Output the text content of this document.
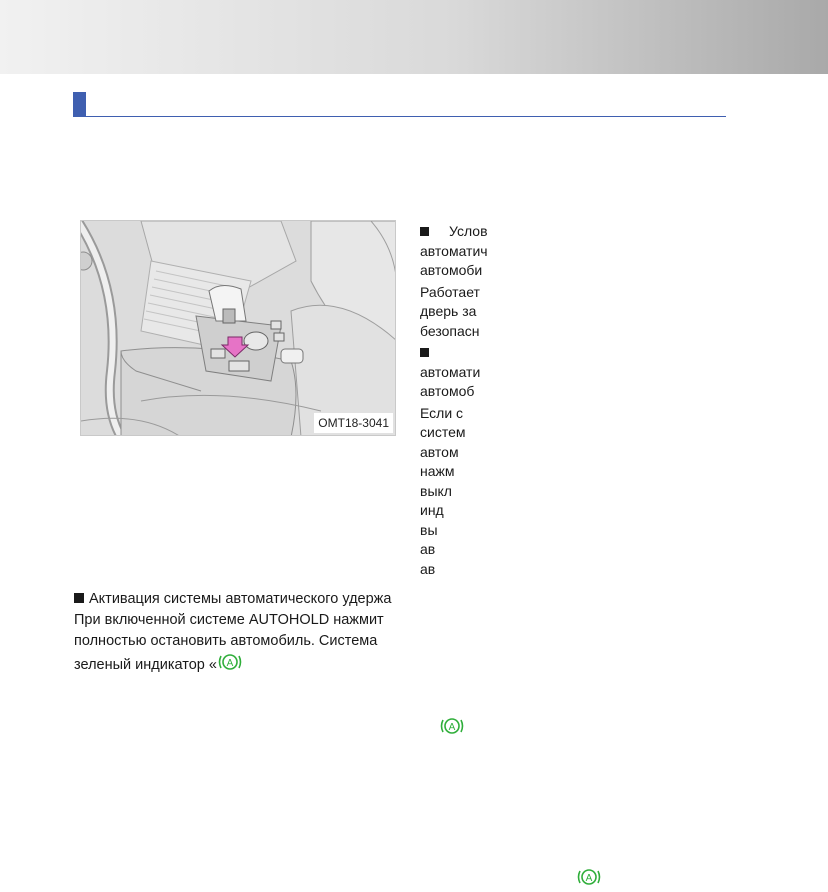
OMT18-3041

Услов

автоматич

автомоби

Работает

дверь за

безопасн

автомати

автомоб

Если с

систем

автом

нажм

выкл

инд

вы

ав

ав

Активация системы автоматического удержа

При включенной системе AUTOHOLD нажмит

полностью остановить автомобиль. Система

зеленый индикатор « A

A
A
